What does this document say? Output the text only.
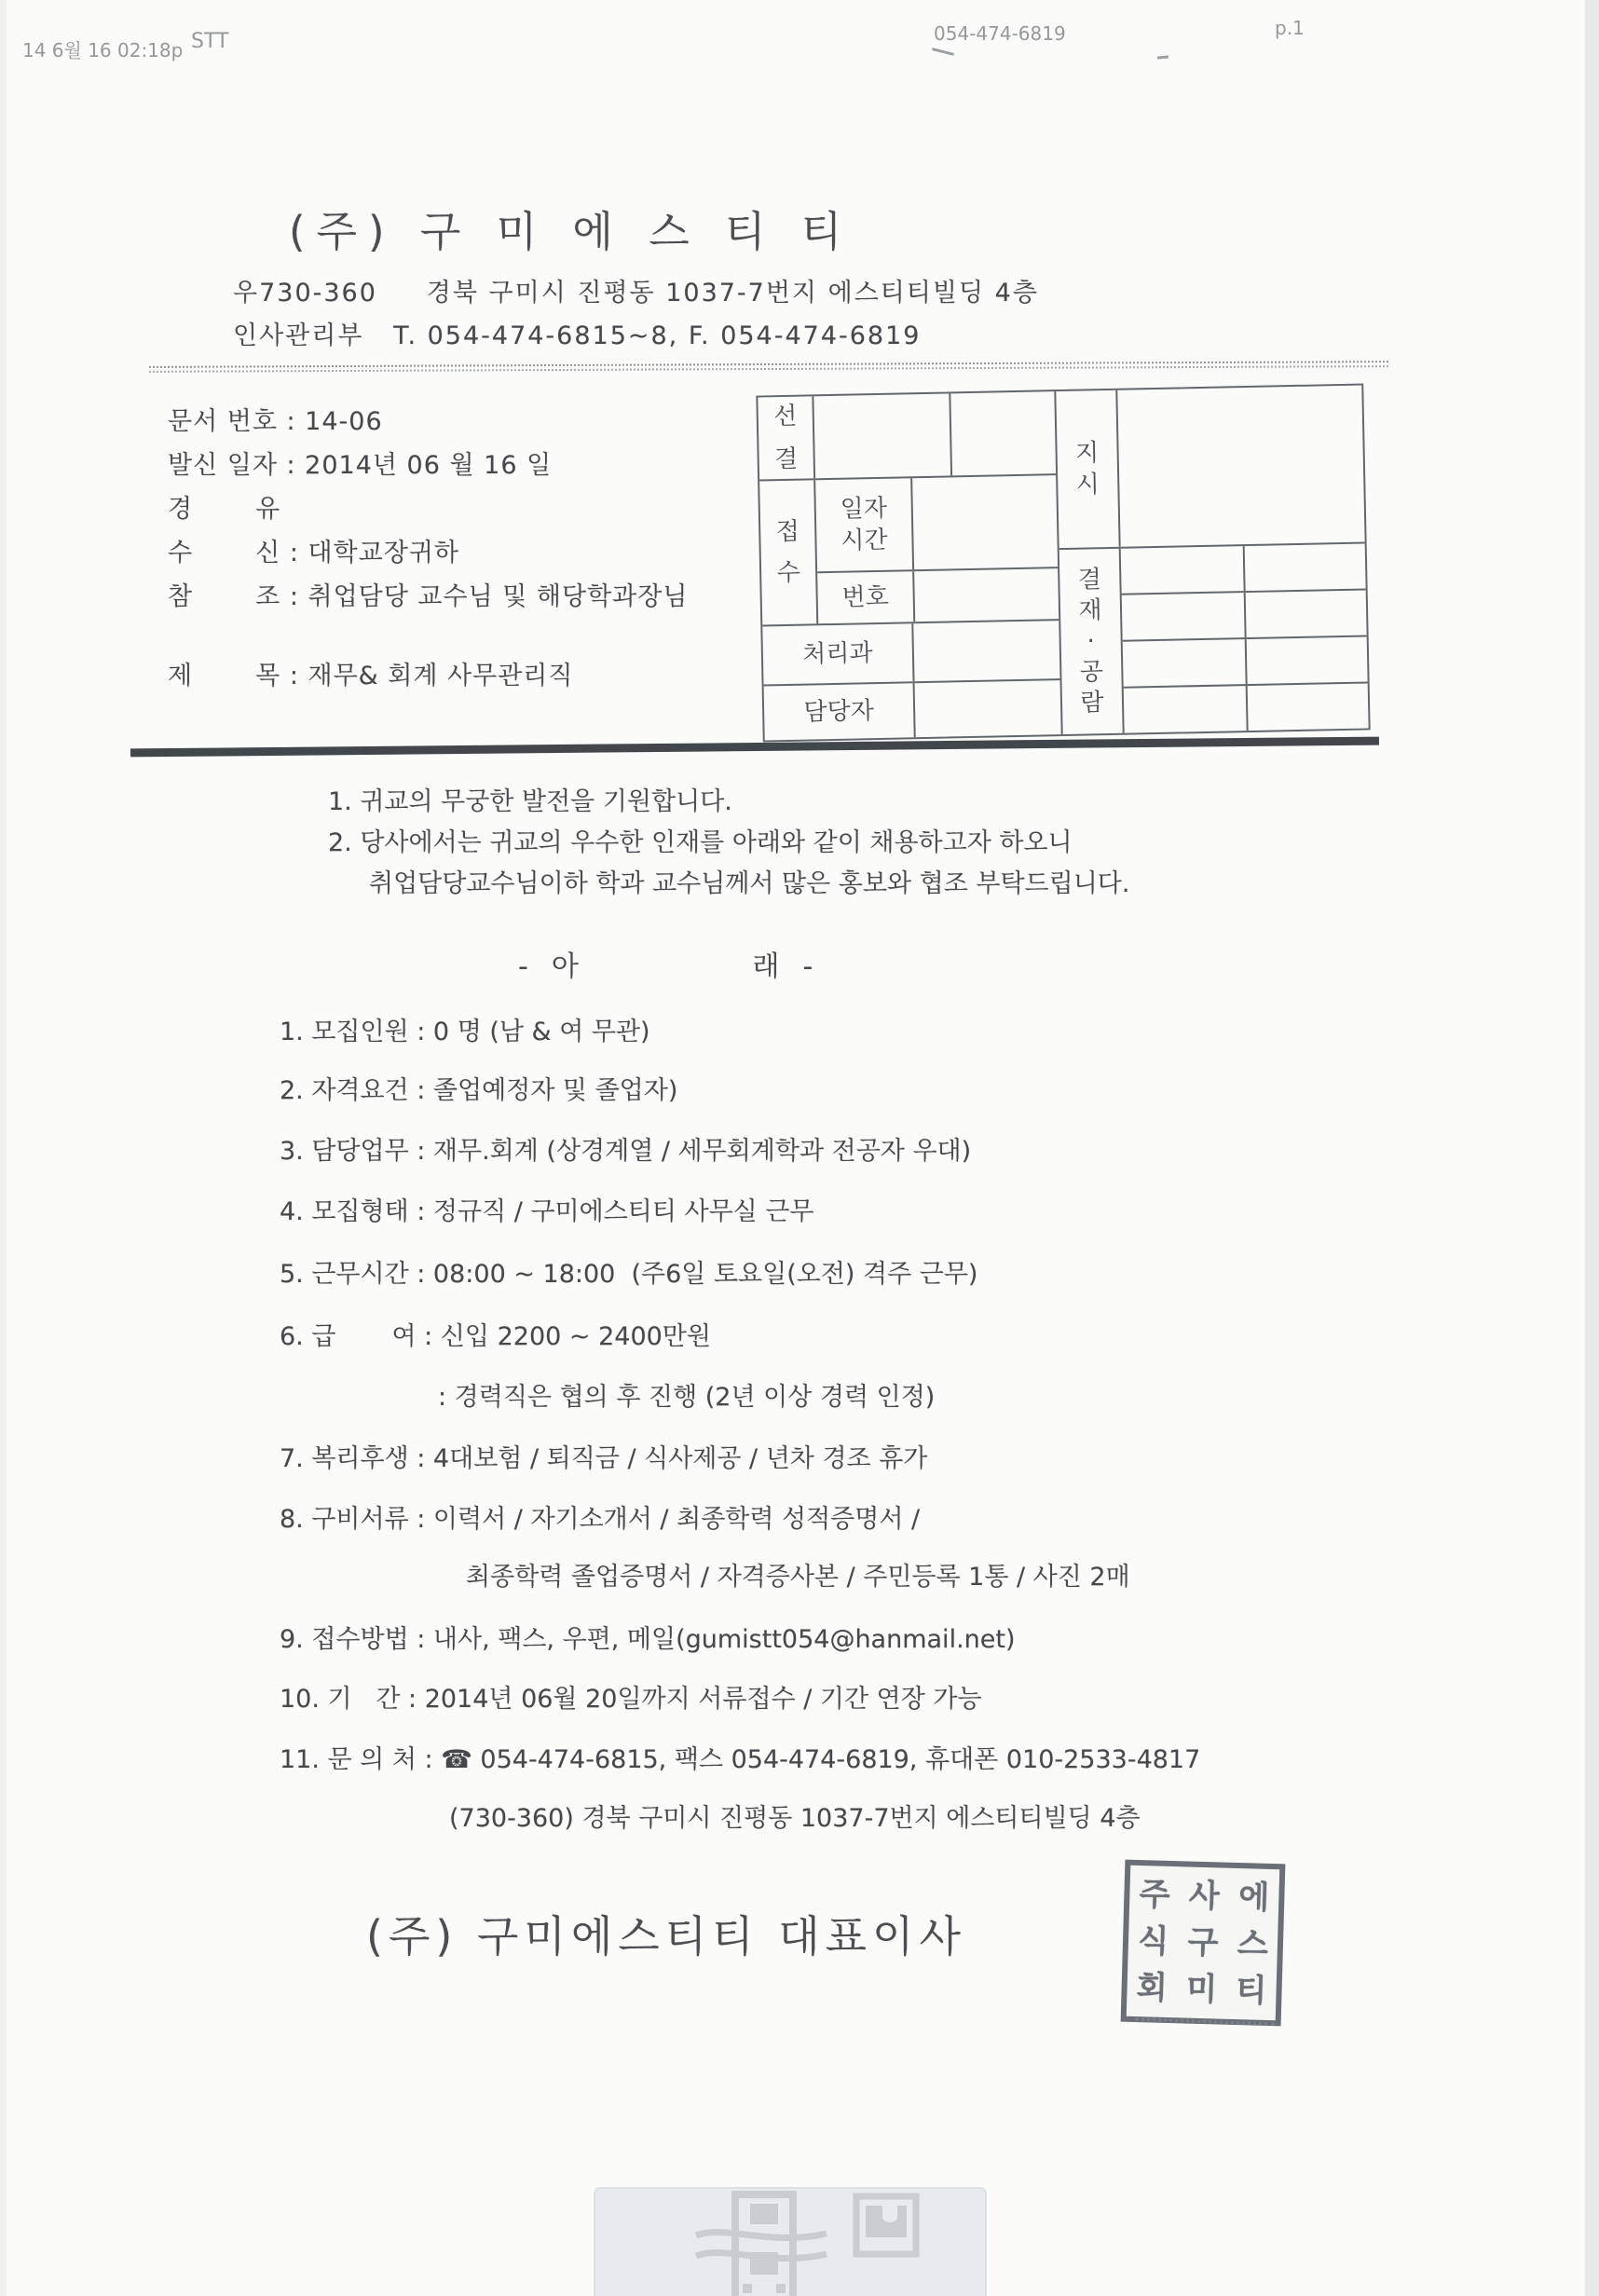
14 6월 16 02:18p STT	054-474-6819	p.1
(주) 구 미 에 스 티 티
우730-360     경북 구미시 진평동 1037-7번지 에스티티빌딩 4층
인사관리부   T. 054-474-6815~8, F. 054-474-6819
문서 번호 : 14-06
발신 일자 : 2014년 06 월 16 일
경       유
수       신 : 대학교장귀하
참       조 : 취업담당 교수님 및 해당학과장님
제       목 : 재무& 회계 사무관리직
선
결
접
수
일자
시간
번호
처리과
담당자
지
시
결
재
·
공
람
1. 귀교의 무궁한 발전을 기원합니다.
2. 당사에서는 귀교의 우수한 인재를 아래와 같이 채용하고자 하오니
취업담당교수님이하 학과 교수님께서 많은 홍보와 협조 부탁드립니다.
-  아                래  -
1. 모집인원 : 0 명 (남 & 여 무관)
2. 자격요건 : 졸업예정자 및 졸업자)
3. 담당업무 : 재무.회계 (상경계열 / 세무회계학과 전공자 우대)
4. 모집형태 : 정규직 / 구미에스티티 사무실 근무
5. 근무시간 : 08:00 ~ 18:00  (주6일 토요일(오전) 격주 근무)
6. 급       여 : 신입 2200 ~ 2400만원
: 경력직은 협의 후 진행 (2년 이상 경력 인정)
7. 복리후생 : 4대보험 / 퇴직금 / 식사제공 / 년차 경조 휴가
8. 구비서류 : 이력서 / 자기소개서 / 최종학력 성적증명서 /
최종학력 졸업증명서 / 자격증사본 / 주민등록 1통 / 사진 2매
9. 접수방법 : 내사, 팩스, 우편, 메일(gumistt054@hanmail.net)
10. 기   간 : 2014년 06월 20일까지 서류접수 / 기간 연장 가능
11. 문 의 처 : ☎ 054-474-6815, 팩스 054-474-6819, 휴대폰 010-2533-4817
(730-360) 경북 구미시 진평동 1037-7번지 에스티티빌딩 4층
(주) 구미에스티티 대표이사
주
식
회
사
구
미
에
스
티
